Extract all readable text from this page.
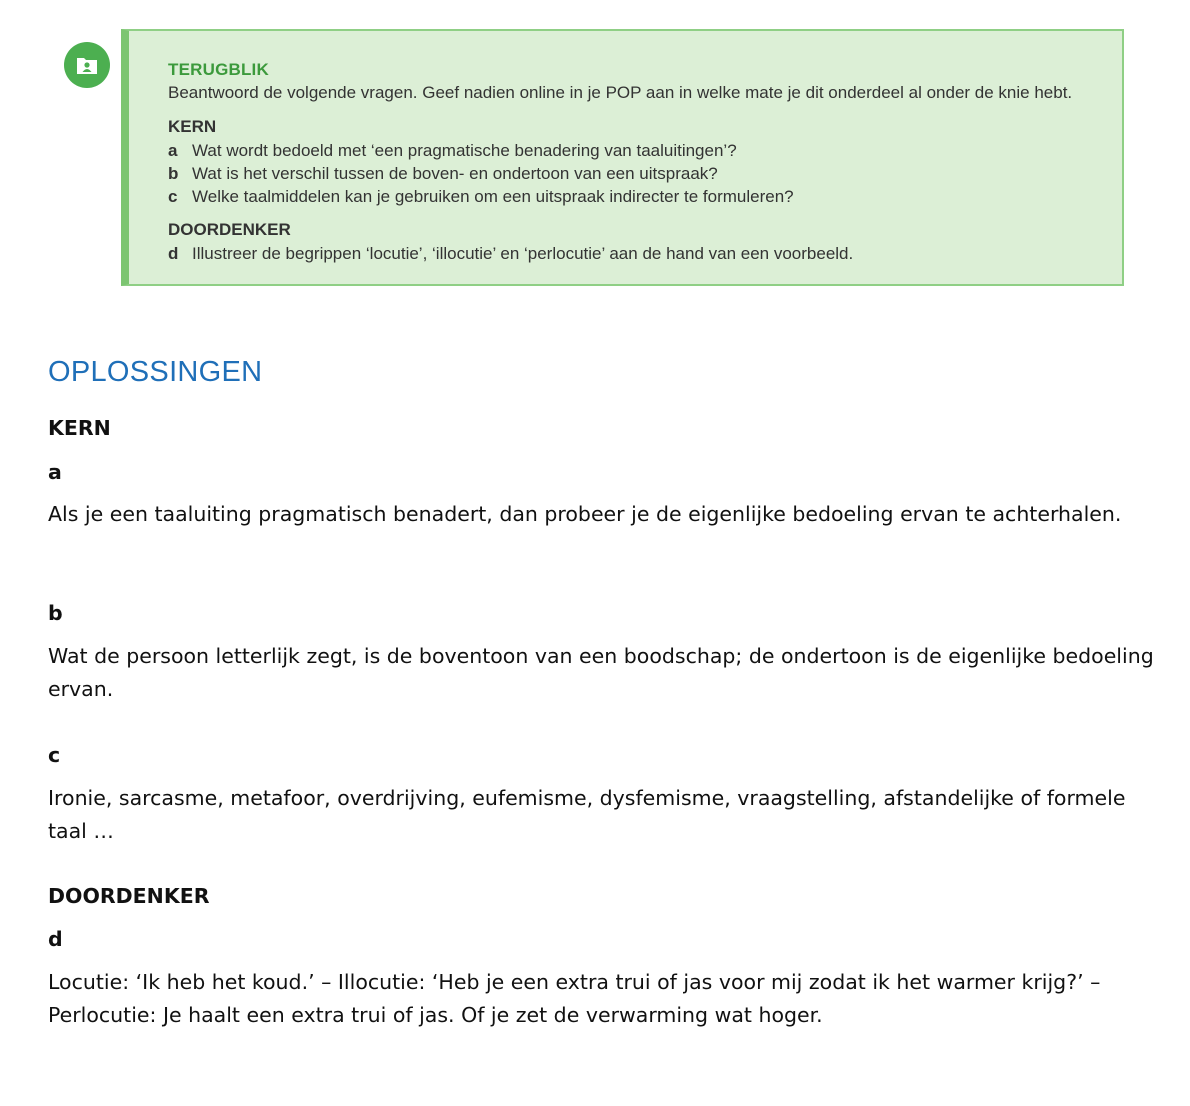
TERUGBLIK
Beantwoord de volgende vragen. Geef nadien online in je POP aan in welke mate je dit onderdeel al onder de knie hebt.
KERN
a Wat wordt bedoeld met ‘een pragmatische benadering van taaluitingen’?
b Wat is het verschil tussen de boven- en ondertoon van een uitspraak?
c Welke taalmiddelen kan je gebruiken om een uitspraak indirecter te formuleren?
DOORDENKER
d Illustreer de begrippen ‘locutie’, ‘illocutie’ en ‘perlocutie’ aan de hand van een voorbeeld.
OPLOSSINGEN

KERN

a

Als je een taaluiting pragmatisch benadert, dan probeer je de eigenlijke bedoeling ervan te achterhalen.

b

Wat de persoon letterlijk zegt, is de boventoon van een boodschap; de ondertoon is de eigenlijke bedoeling ervan.

c

Ironie, sarcasme, metafoor, overdrijving, eufemisme, dysfemisme, vraagstelling, afstandelijke of formele taal …

DOORDENKER

d

Locutie: ‘Ik heb het koud.’ – Illocutie: ‘Heb je een extra trui of jas voor mij zodat ik het warmer krijg?’ – Perlocutie: Je haalt een extra trui of jas. Of je zet de verwarming wat hoger.
